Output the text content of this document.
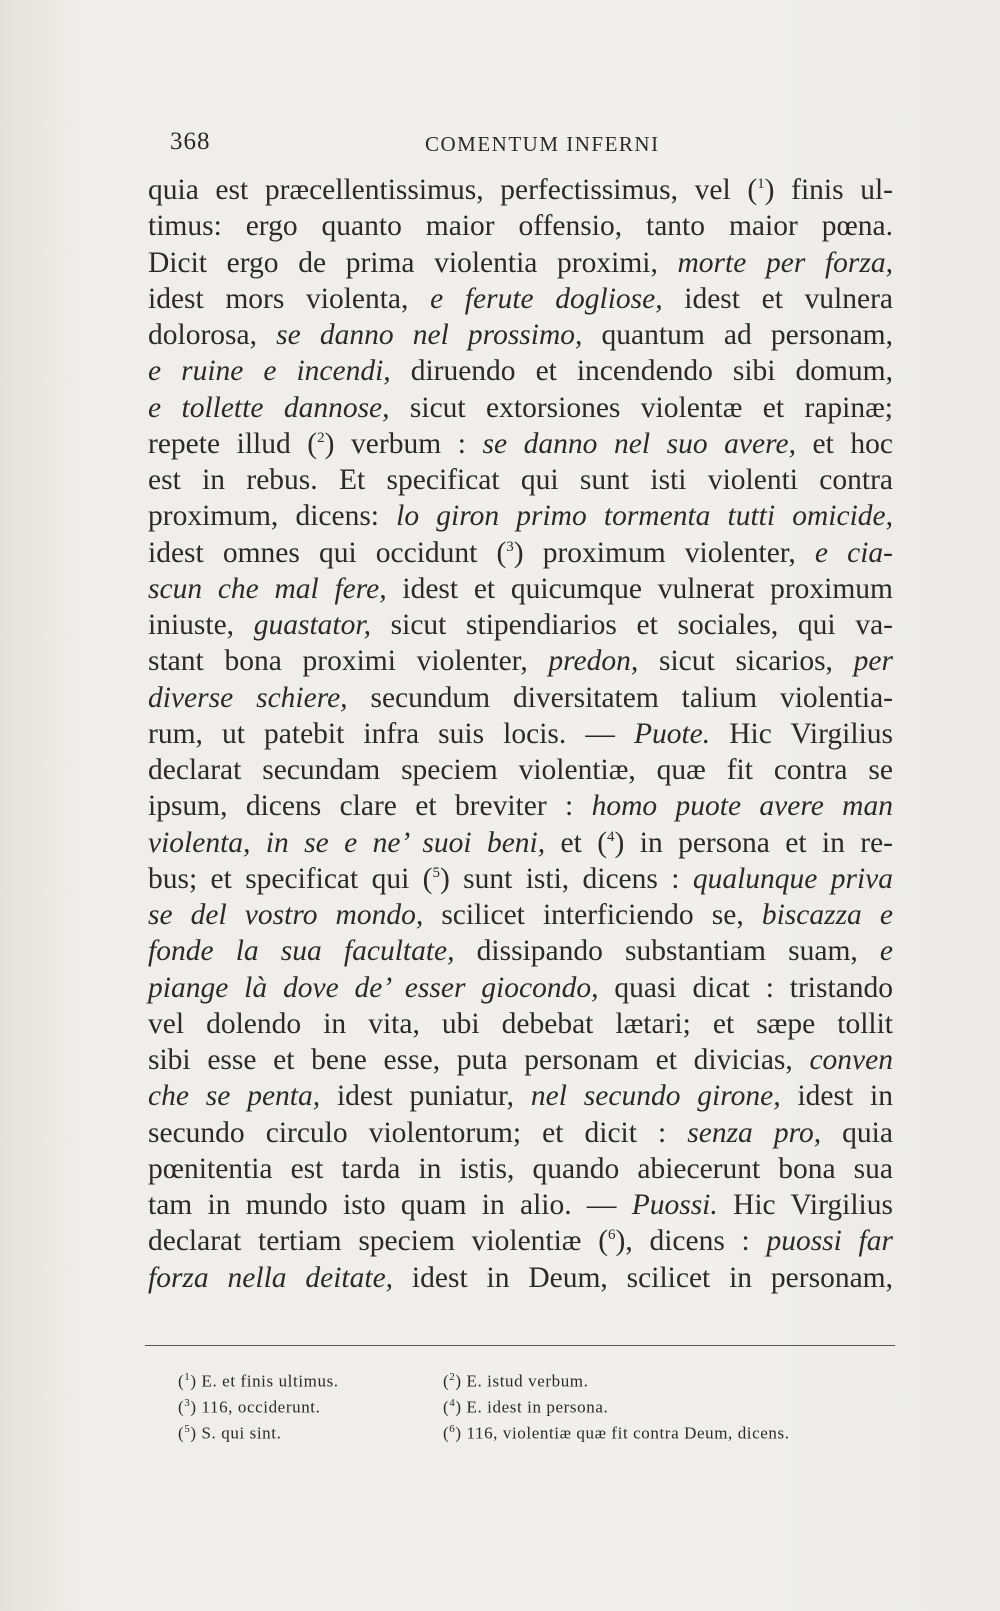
368	COMENTUM INFERNI
quia est præcellentissimus, perfectissimus, vel ($^1$) finis ul-
timus: ergo quanto maior offensio, tanto maior pœna.
Dicit ergo de prima violentia proximi, morte per forza,
idest mors violenta, e ferute dogliose, idest et vulnera
dolorosa, se danno nel prossimo, quantum ad personam,
e ruine e incendi, diruendo et incendendo sibi domum,
e tollette dannose, sicut extorsiones violentæ et rapinæ;
repete illud ($^2$) verbum : se danno nel suo avere, et hoc
est in rebus. Et specificat qui sunt isti violenti contra
proximum, dicens: lo giron primo tormenta tutti omicide,
idest omnes qui occidunt ($^3$) proximum violenter, e cia-
scun che mal fere, idest et quicumque vulnerat proximum
iniuste, guastator, sicut stipendiarios et sociales, qui va-
stant bona proximi violenter, predon, sicut sicarios, per
diverse schiere, secundum diversitatem talium violentia-
rum, ut patebit infra suis locis. — Puote. Hic Virgilius
declarat secundam speciem violentiæ, quæ fit contra se
ipsum, dicens clare et breviter : homo puote avere man
violenta, in se e ne’ suoi beni, et ($^4$) in persona et in re-
bus; et specificat qui ($^5$) sunt isti, dicens : qualunque priva
se del vostro mondo, scilicet interficiendo se, biscazza e
fonde la sua facultate, dissipando substantiam suam, e
piange là dove de’ esser giocondo, quasi dicat : tristando
vel dolendo in vita, ubi debebat lætari; et sæpe tollit
sibi esse et bene esse, puta personam et divicias, conven
che se penta, idest puniatur, nel secundo girone, idest in
secundo circulo violentorum; et dicit : senza pro, quia
pœnitentia est tarda in istis, quando abiecerunt bona sua
tam in mundo isto quam in alio. — Puossi. Hic Virgilius
declarat tertiam speciem violentiæ ($^6$), dicens : puossi far
forza nella deitate, idest in Deum, scilicet in personam,
($^1$) E. et finis ultimus.
($^3$) 116, occiderunt.
($^5$) S. qui sint.
($^2$) E. istud verbum.
($^4$) E. idest in persona.
($^6$) 116, violentiæ quæ fit contra Deum, dicens.
